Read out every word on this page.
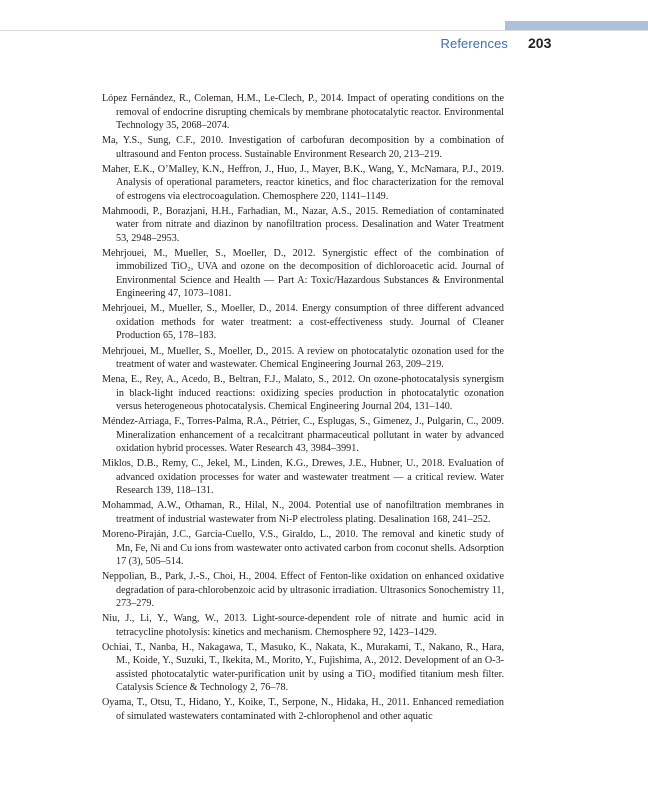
References 203
López Fernández, R., Coleman, H.M., Le-Clech, P., 2014. Impact of operating conditions on the removal of endocrine disrupting chemicals by membrane photocatalytic reactor. Environmental Technology 35, 2068–2074.
Ma, Y.S., Sung, C.F., 2010. Investigation of carbofuran decomposition by a combination of ultrasound and Fenton process. Sustainable Environment Research 20, 213–219.
Maher, E.K., O’Malley, K.N., Heffron, J., Huo, J., Mayer, B.K., Wang, Y., McNamara, P.J., 2019. Analysis of operational parameters, reactor kinetics, and floc characterization for the removal of estrogens via electrocoagulation. Chemosphere 220, 1141–1149.
Mahmoodi, P., Borazjani, H.H., Farhadian, M., Nazar, A.S., 2015. Remediation of contaminated water from nitrate and diazinon by nanofiltration process. Desalination and Water Treatment 53, 2948–2953.
Mehrjouei, M., Mueller, S., Moeller, D., 2012. Synergistic effect of the combination of immobilized TiO₂, UVA and ozone on the decomposition of dichloroacetic acid. Journal of Environmental Science and Health — Part A: Toxic/Hazardous Substances & Environmental Engineering 47, 1073–1081.
Mehrjouei, M., Mueller, S., Moeller, D., 2014. Energy consumption of three different advanced oxidation methods for water treatment: a cost-effectiveness study. Journal of Cleaner Production 65, 178–183.
Mehrjouei, M., Mueller, S., Moeller, D., 2015. A review on photocatalytic ozonation used for the treatment of water and wastewater. Chemical Engineering Journal 263, 209–219.
Mena, E., Rey, A., Acedo, B., Beltran, F.J., Malato, S., 2012. On ozone-photocatalysis synergism in black-light induced reactions: oxidizing species production in photocatalytic ozonation versus heterogeneous photocatalysis. Chemical Engineering Journal 204, 131–140.
Méndez-Arriaga, F., Torres-Palma, R.A., Pétrier, C., Esplugas, S., Gimenez, J., Pulgarin, C., 2009. Mineralization enhancement of a recalcitrant pharmaceutical pollutant in water by advanced oxidation hybrid processes. Water Research 43, 3984–3991.
Miklos, D.B., Remy, C., Jekel, M., Linden, K.G., Drewes, J.E., Hubner, U., 2018. Evaluation of advanced oxidation processes for water and wastewater treatment — a critical review. Water Research 139, 118–131.
Mohammad, A.W., Othaman, R., Hilal, N., 2004. Potential use of nanofiltration membranes in treatment of industrial wastewater from Ni-P electroless plating. Desalination 168, 241–252.
Moreno-Piraján, J.C., Garcia-Cuello, V.S., Giraldo, L., 2010. The removal and kinetic study of Mn, Fe, Ni and Cu ions from wastewater onto activated carbon from coconut shells. Adsorption 17 (3), 505–514.
Neppolian, B., Park, J.-S., Choi, H., 2004. Effect of Fenton-like oxidation on enhanced oxidative degradation of para-chlorobenzoic acid by ultrasonic irradiation. Ultrasonics Sonochemistry 11, 273–279.
Niu, J., Li, Y., Wang, W., 2013. Light-source-dependent role of nitrate and humic acid in tetracycline photolysis: kinetics and mechanism. Chemosphere 92, 1423–1429.
Ochiai, T., Nanba, H., Nakagawa, T., Masuko, K., Nakata, K., Murakami, T., Nakano, R., Hara, M., Koide, Y., Suzuki, T., Ikekita, M., Morito, Y., Fujishima, A., 2012. Development of an O-3-assisted photocatalytic water-purification unit by using a TiO₂ modified titanium mesh filter. Catalysis Science & Technology 2, 76–78.
Oyama, T., Otsu, T., Hidano, Y., Koike, T., Serpone, N., Hidaka, H., 2011. Enhanced remediation of simulated wastewaters contaminated with 2-chlorophenol and other aquatic
